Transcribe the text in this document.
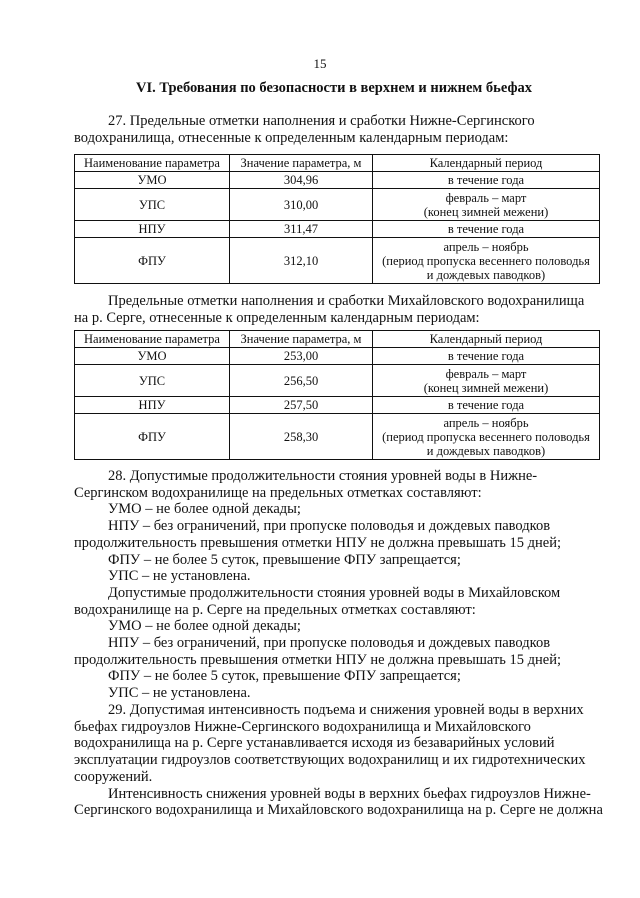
15
VI. Требования по безопасности в верхнем и нижнем бьефах
27. Предельные отметки наполнения и сработки Нижне-Сергинского
водохранилища, отнесенные к определенным календарным периодам:
Наименование параметра	Значение параметра, м	Календарный период
УМО	304,96	в течение года

УПС	310,00	февраль – март
(конец зимней межени)

НПУ	311,47	в течение года

ФПУ	312,10	апрель – ноябрь
(период пропуска весеннего половодья
и дождевых паводков)
Предельные отметки наполнения и сработки Михайловского водохранилища
на р. Серге, отнесенные к определенным календарным периодам:
Наименование параметра	Значение параметра, м	Календарный период
УМО	253,00	в течение года

УПС	256,50	февраль – март
(конец зимней межени)

НПУ	257,50	в течение года

ФПУ	258,30	апрель – ноябрь
(период пропуска весеннего половодья
и дождевых паводков)
28. Допустимые продолжительности стояния уровней воды в Нижне-
Сергинском водохранилище на предельных отметках составляют:
УМО – не более одной декады;
НПУ – без ограничений, при пропуске половодья и дождевых паводков
продолжительность превышения отметки НПУ не должна превышать 15 дней;
ФПУ – не более 5 суток, превышение ФПУ запрещается;
УПС – не установлена.
Допустимые продолжительности стояния уровней воды в Михайловском
водохранилище на р. Серге на предельных отметках составляют:
УМО – не более одной декады;
НПУ – без ограничений, при пропуске половодья и дождевых паводков
продолжительность превышения отметки НПУ не должна превышать 15 дней;
ФПУ – не более 5 суток, превышение ФПУ запрещается;
УПС – не установлена.
29. Допустимая интенсивность подъема и снижения уровней воды в верхних
бьефах гидроузлов Нижне-Сергинского водохранилища и Михайловского
водохранилища на р. Серге устанавливается исходя из безаварийных условий
эксплуатации гидроузлов соответствующих водохранилищ и их гидротехнических
сооружений.
Интенсивность снижения уровней воды в верхних бьефах гидроузлов Нижне-
Сергинского водохранилища и Михайловского водохранилища на р. Серге не должна
